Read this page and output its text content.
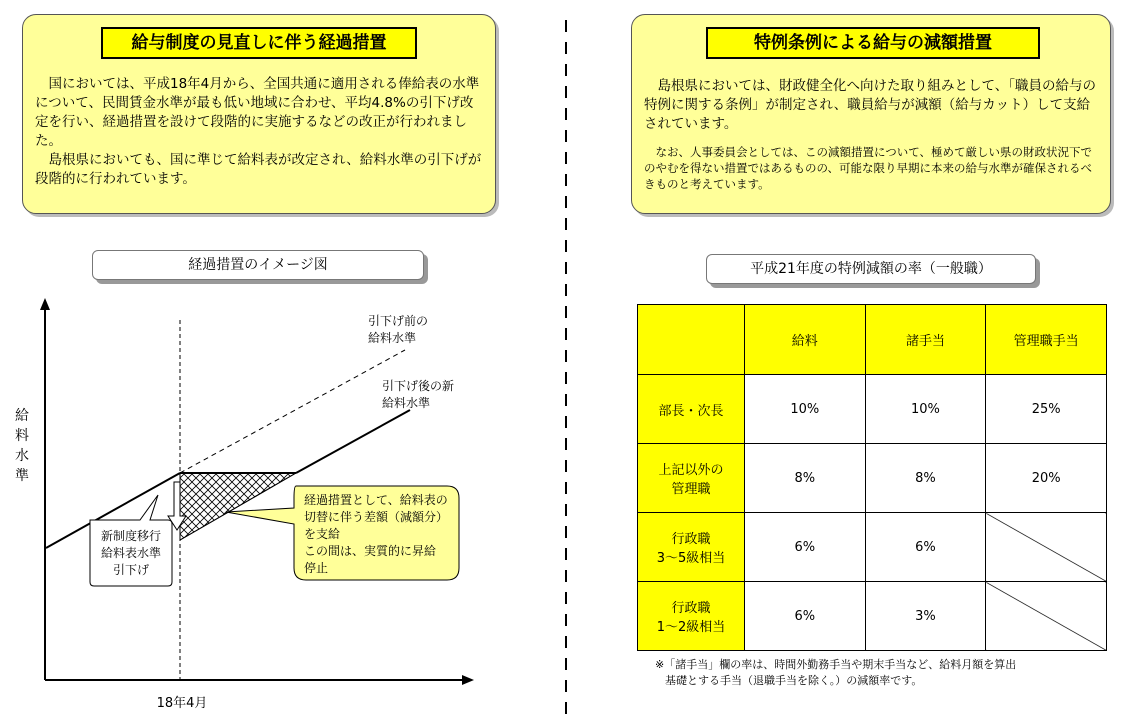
給与制度の見直しに伴う経過措置

国においては、平成18年4月から、全国共通に適用される俸給表の水準について、民間賃金水準が最も低い地域に合わせ、平均4.8%の引下げ改定を行い、経過措置を設けて段階的に実施するなどの改正が行われました。

島根県においても、国に準じて給料表が改定され、給料水準の引下げが段階的に行われています。

特例条例による給与の減額措置

島根県においては、財政健全化へ向けた取り組みとして、「職員の給与の特例に関する条例」が制定され、職員給与が減額（給与カット）して支給されています。

なお、人事委員会としては、この減額措置について、極めて厳しい県の財政状況下でのやむを得ない措置ではあるものの、可能な限り早期に本来の給与水準が確保されるべきものと考えています。

経過措置のイメージ図
給
料
水
準
18年4月
引下げ前の
給料水準
引下げ後の新
給料水準
新制度移行
給料表水準
引下げ
経過措置として、給料表の
切替に伴う差額（減額分）
を支給
この間は、実質的に昇給
停止
平成21年度の特例減額の率（一般職）
	給料	諸手当	管理職手当
部長・次長	10%	10%	25%
上記以外の
管理職	8%	8%	20%
行政職
3～5級相当	6%	6%	
行政職
1～2級相当	6%	3%	
※「諸手当」欄の率は、時間外勤務手当や期末手当など、給料月額を算出
基礎とする手当（退職手当を除く。）の減額率です。
